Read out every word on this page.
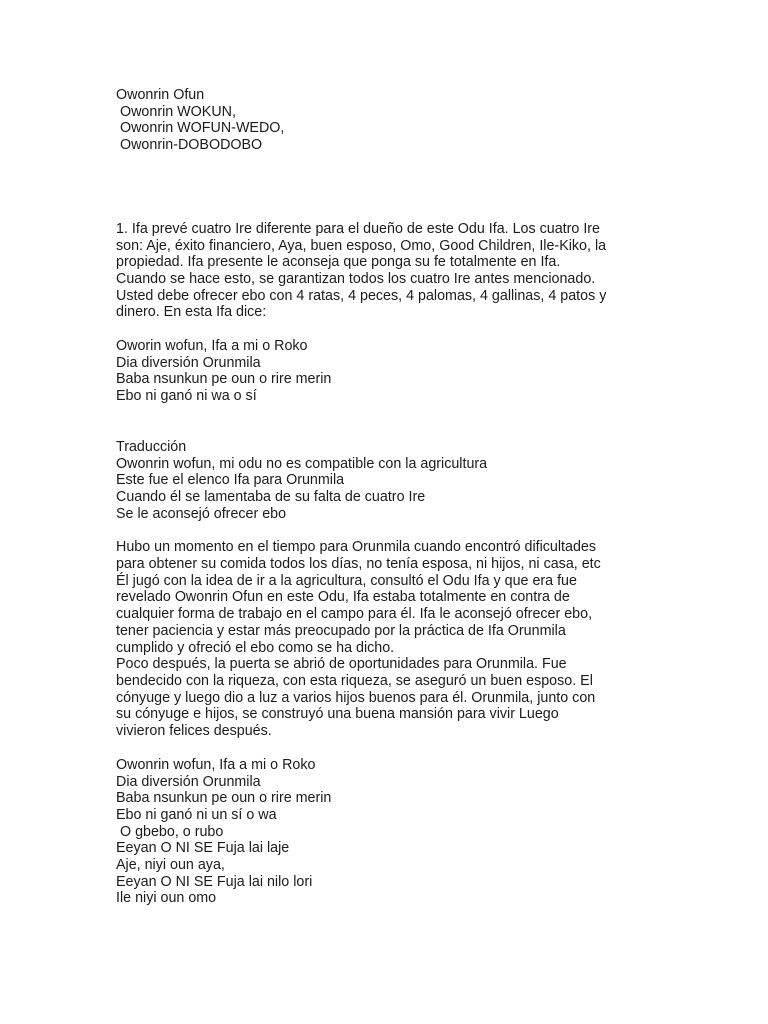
Owonrin Ofun
Owonrin WOKUN,
Owonrin WOFUN-WEDO,
Owonrin-DOBODOBO
1. Ifa prevé cuatro Ire diferente para el dueño de este Odu Ifa. Los cuatro Ire
son: Aje, éxito financiero, Aya, buen esposo, Omo, Good Children, Ile-Kiko, la
propiedad. Ifa presente le aconseja que ponga su fe totalmente en Ifa.
Cuando se hace esto, se garantizan todos los cuatro Ire antes mencionado.
Usted debe ofrecer ebo con 4 ratas, 4 peces, 4 palomas, 4 gallinas, 4 patos y
dinero. En esta Ifa dice:
Oworin wofun, Ifa a mi o Roko
Dia diversión Orunmila
Baba nsunkun pe oun o rire merin
Ebo ni ganó ni wa o sí
Traducción
Owonrin wofun, mi odu no es compatible con la agricultura
Este fue el elenco Ifa para Orunmila
Cuando él se lamentaba de su falta de cuatro Ire
Se le aconsejó ofrecer ebo
Hubo un momento en el tiempo para Orunmila cuando encontró dificultades
para obtener su comida todos los días, no tenía esposa, ni hijos, ni casa, etc
Él jugó con la idea de ir a la agricultura, consultó el Odu Ifa y que era fue
revelado Owonrin Ofun en este Odu, Ifa estaba totalmente en contra de
cualquier forma de trabajo en el campo para él. Ifa le aconsejó ofrecer ebo,
tener paciencia y estar más preocupado por la práctica de Ifa Orunmila
cumplido y ofreció el ebo como se ha dicho.
Poco después, la puerta se abrió de oportunidades para Orunmila. Fue
bendecido con la riqueza, con esta riqueza, se aseguró un buen esposo. El
cónyuge y luego dio a luz a varios hijos buenos para él. Orunmila, junto con
su cónyuge e hijos, se construyó una buena mansión para vivir Luego
vivieron felices después.
Owonrin wofun, Ifa a mi o Roko
Dia diversión Orunmila
Baba nsunkun pe oun o rire merin
Ebo ni ganó ni un sí o wa
O gbebo, o rubo
Eeyan O NI SE Fuja lai laje
Aje, niyi oun aya,
Eeyan O NI SE Fuja lai nilo lori
Ile niyi oun omo
